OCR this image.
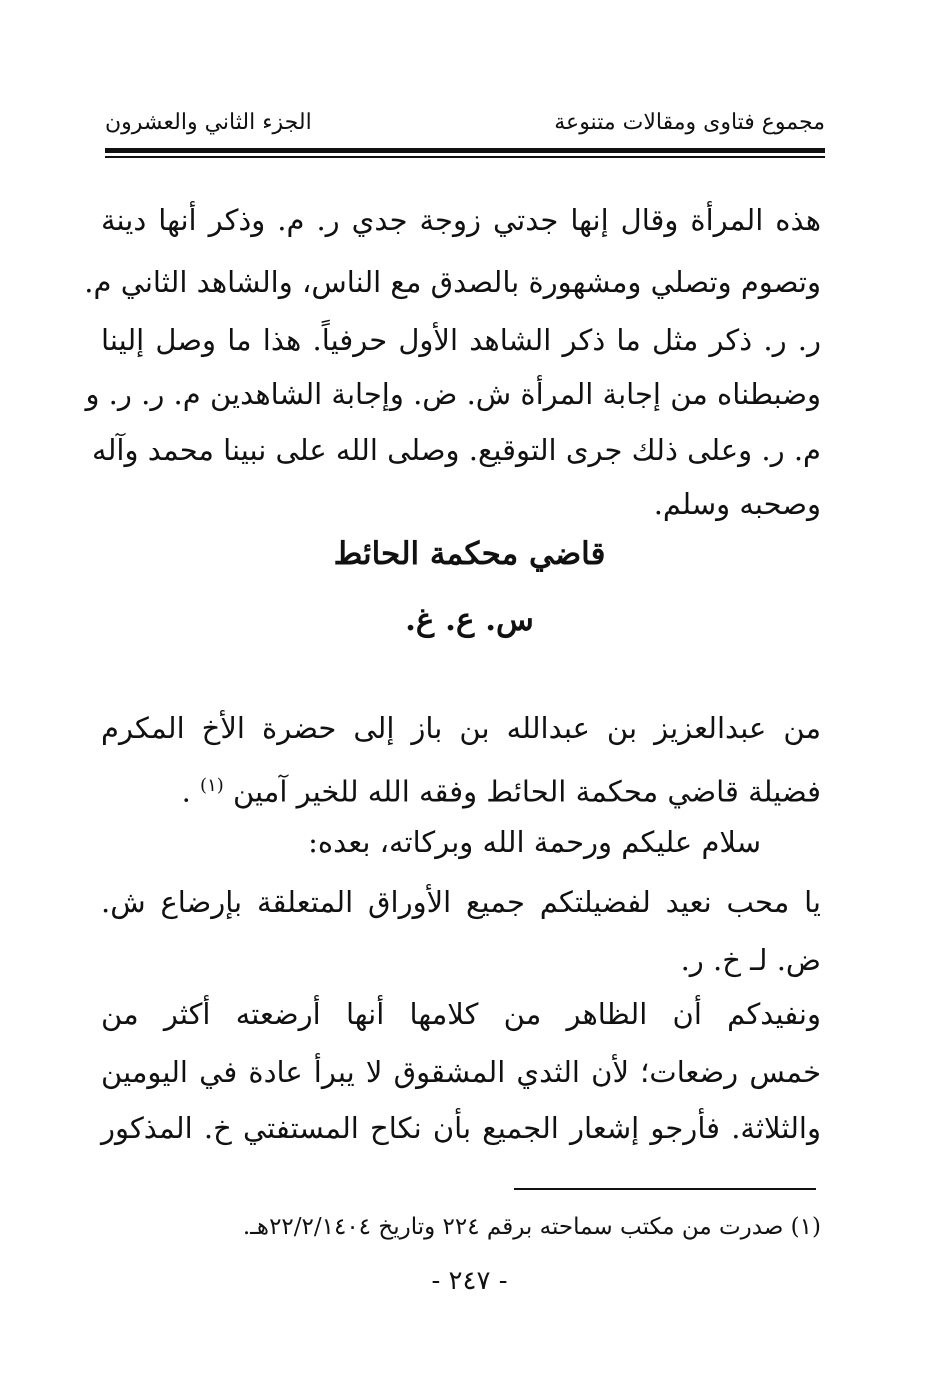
مجموع فتاوى ومقالات متنوعة
الجزء الثاني والعشرون
هذه المرأة وقال إنها جدتي زوجة جدي ر. م. وذكر أنها دينة
وتصوم وتصلي ومشهورة بالصدق مع الناس، والشاهد الثاني م.
ر. ر. ذكر مثل ما ذكر الشاهد الأول حرفياً. هذا ما وصل إلينا
وضبطناه من إجابة المرأة ش. ض. وإجابة الشاهدين م. ر. ر. و
م. ر. وعلى ذلك جرى التوقيع. وصلى الله على نبينا محمد وآله
وصحبه وسلم.
قاضي محكمة الحائط
س. ع. غ.
من عبدالعزيز بن عبدالله بن باز إلى حضرة الأخ المكرم
فضيلة قاضي محكمة الحائط وفقه الله للخير آمين $^{(١)}$ .
سلام عليكم ورحمة الله وبركاته، بعده:
يا محب نعيد لفضيلتكم جميع الأوراق المتعلقة بإرضاع ش.
ض. لـ خ. ر.
ونفيدكم أن الظاهر من كلامها أنها أرضعته أكثر من
خمس رضعات؛ لأن الثدي المشقوق لا يبرأ عادة في اليومين
والثلاثة. فأرجو إشعار الجميع بأن نكاح المستفتي خ. المذكور
(١) صدرت من مكتب سماحته برقم ٢٢٤ وتاريخ ٢٢/٢/١٤٠٤هـ.
- ٢٤٧ -
